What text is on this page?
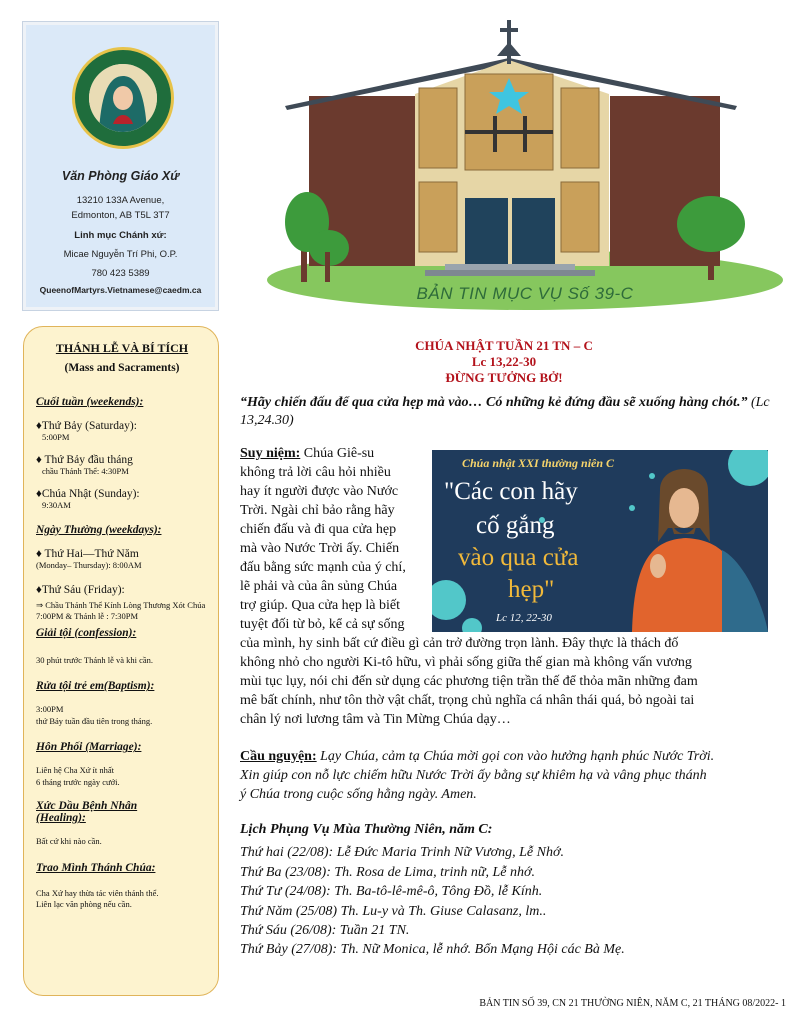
Văn Phòng Giáo Xứ
13210 133A Avenue,
Edmonton, AB T5L 3T7
Linh mục Chánh xứ:
Micae Nguyễn Trí Phi, O.P.
780 423 5389
QueenofMartyrs.Vietnamese@caedm.ca	BẢN TIN MỤC VỤ Số 39-C
THÁNH LỄ VÀ BÍ TÍCH
(Mass and Sacraments)
Cuối tuần (weekends):
♦Thứ Bảy (Saturday):
5:00PM
♦ Thứ Bảy đầu tháng
chầu Thánh Thể: 4:30PM
♦Chúa Nhật (Sunday):
9:30AM
Ngày Thường (weekdays):
♦ Thứ Hai—Thứ Năm
(Monday– Thursday): 8:00AM
♦Thứ Sáu (Friday):
⇒ Chầu Thánh Thể Kính Lòng Thương Xót Chúa 7:00PM & Thánh lễ : 7:30PM
Giải tội (confession):
30 phút trước Thánh lễ và khi cần.
Rửa tội trẻ em(Baptism):
3:00PM
thứ Bảy tuần đầu tiên trong tháng.
Hôn Phối (Marriage):
Liên hệ Cha Xứ ít nhất
6 tháng trước ngày cưới.
Xức Dầu Bệnh Nhân
(Healing):
Bất cứ khi nào cần.
Trao Mình Thánh Chúa:
Cha Xứ hay thừa tác viên thánh thể.
Liên lạc văn phòng nếu cần.
CHÚA NHẬT TUẦN 21 TN – C
Lc 13,22-30
ĐỪNG TƯỞNG BỞ!
“Hãy chiến đấu để qua cửa hẹp mà vào… Có những kẻ đứng đầu sẽ xuống hàng chót.” (Lc 13,24.30)
Suy niệm: Chúa Giê-su
không trả lời câu hỏi nhiều
hay ít người được vào Nước
Trời. Ngài chỉ bảo rằng hãy
chiến đấu và đi qua cửa hẹp
mà vào Nước Trời ấy. Chiến
đấu bằng sức mạnh của ý chí,
lẽ phải và của ân sủng Chúa
trợ giúp. Qua cửa hẹp là biết
tuyệt đối từ bỏ, kể cả sự sống
của mình, hy sinh bất cứ điều gì cản trở đường trọn lành. Đây thực là thách đố
không nhỏ cho người Ki-tô hữu, vì phải sống giữa thế gian mà không vấn vương
mùi tục lụy, nói chi đến sử dụng các phương tiện trần thế để thỏa mãn những đam
mê bất chính, như tôn thờ vật chất, trọng chủ nghĩa cá nhân thái quá, bỏ ngoài tai
chân lý nơi lương tâm và Tin Mừng Chúa dạy…
Chúa nhật XXI thường niên C
"Các con hãy
cố gắng
vào qua cửa
hẹp"
Lc 12, 22-30
Cầu nguyện: Lạy Chúa, cảm tạ Chúa mời gọi con vào hưởng hạnh phúc Nước Trời.
Xin giúp con nỗ lực chiếm hữu Nước Trời ấy bằng sự khiêm hạ và vâng phục thánh
ý Chúa trong cuộc sống hằng ngày. Amen.
Lịch Phụng Vụ Mùa Thường Niên, năm C:
Thứ hai (22/08): Lễ Đức Maria Trinh Nữ Vương, Lễ Nhớ.
Thứ Ba (23/08): Th. Rosa de Lima, trinh nữ, Lễ nhớ.
Thứ Tư (24/08): Th. Ba-tô-lê-mê-ô, Tông Đồ, lễ Kính.
Thứ Năm (25/08) Th. Lu-y và Th. Giuse Calasanz, lm..
Thứ Sáu (26/08): Tuần 21 TN.
Thứ Bảy (27/08): Th. Nữ Monica, lễ nhớ. Bổn Mạng Hội các Bà Mẹ.
BẢN TIN SỐ 39, CN 21 THƯỜNG NIÊN, NĂM C, 21 THÁNG 08/2022- 1
